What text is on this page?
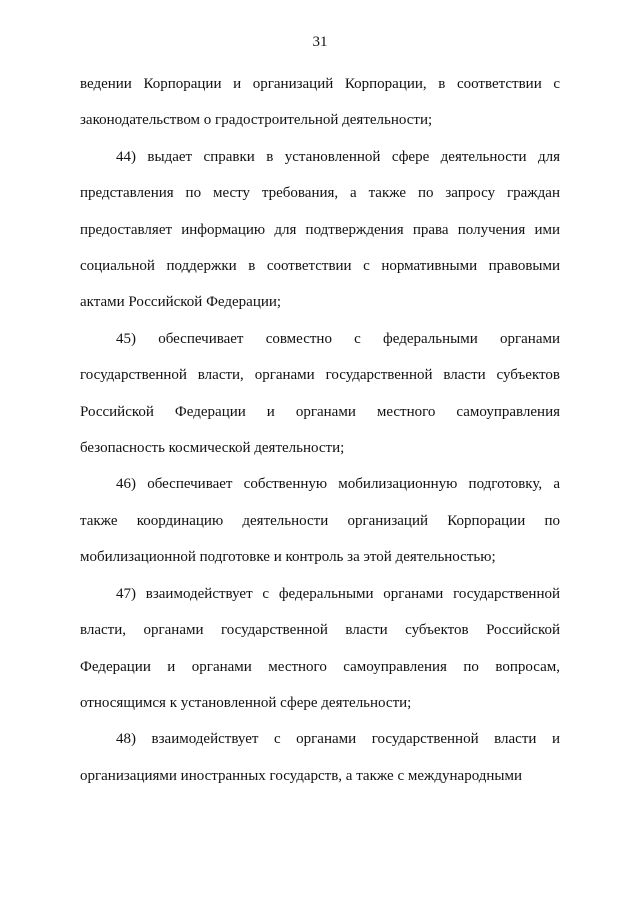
31

ведении Корпорации и организаций Корпорации, в соответствии с законодательством о градостроительной деятельности;

44) выдает справки в установленной сфере деятельности для представления по месту требования, а также по запросу граждан предоставляет информацию для подтверждения права получения ими социальной поддержки в соответствии с нормативными правовыми актами Российской Федерации;

45) обеспечивает совместно с федеральными органами государственной власти, органами государственной власти субъектов Российской Федерации и органами местного самоуправления безопасность космической деятельности;

46) обеспечивает собственную мобилизационную подготовку, а также координацию деятельности организаций Корпорации по мобилизационной подготовке и контроль за этой деятельностью;

47) взаимодействует с федеральными органами государственной власти, органами государственной власти субъектов Российской Федерации и органами местного самоуправления по вопросам, относящимся к установленной сфере деятельности;

48) взаимодействует с органами государственной власти и организациями иностранных государств, а также с международными
